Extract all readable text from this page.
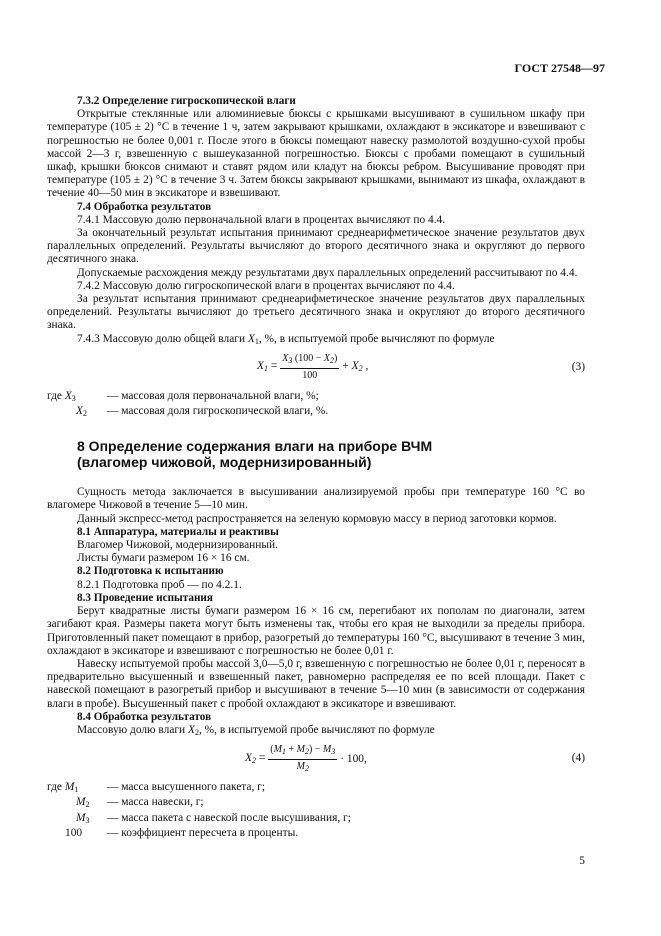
ГОСТ 27548—97
7.3.2 Определение гигроскопической влаги

Открытые стеклянные или алюминиевые бюксы с крышками высушивают в сушильном шкафу при температуре (105 ± 2) °С в течение 1 ч, затем закрывают крышками, охлаждают в эксикаторе и взвешивают с погрешностью не более 0,001 г. После этого в бюксы помещают навеску размолотой воздушно-сухой пробы массой 2—3 г, взвешенную с вышеуказанной погрешностью. Бюксы с пробами помещают в сушильный шкаф, крышки бюксов снимают и ставят рядом или кладут на бюксы ребром. Высушивание проводят при температуре (105 ± 2) °С в течение 3 ч. Затем бюксы закрывают крышками, вынимают из шкафа, охлаждают в течение 40—50 мин в эксикаторе и взвешивают.

7.4 Обработка результатов

7.4.1 Массовую долю первоначальной влаги в процентах вычисляют по 4.4.

За окончательный результат испытания принимают среднеарифметическое значение результатов двух параллельных определений. Результаты вычисляют до второго десятичного знака и округляют до первого десятичного знака.

Допускаемые расхождения между результатами двух параллельных определений рассчитывают по 4.4.

7.4.2 Массовую долю гигроскопической влаги в процентах вычисляют по 4.4.

За результат испытания принимают среднеарифметическое значение результатов двух параллельных определений. Результаты вычисляют до третьего десятичного знака и округляют до второго десятичного знака.

7.4.3 Массовую долю общей влаги $X_1$, %, в испытуемой пробе вычисляют по формуле

$X_1 = \frac{X_3 (100 - X_2)}{100} + X_2$ ,	(3)
где $X_3$	— массовая доля первоначальной влаги, %;
$X_2$	— массовая доля гигроскопической влаги, %.
8 Определение содержания влаги на приборе ВЧМ
(влагомер чижовой, модернизированный)

Сущность метода заключается в высушивании анализируемой пробы при температуре 160 °С во влагомере Чижовой в течение 5—10 мин.

Данный экспресс-метод распространяется на зеленую кормовую массу в период заготовки кормов.

8.1 Аппаратура, материалы и реактивы

Влагомер Чижовой, модернизированный.

Листы бумаги размером 16 × 16 см.

8.2 Подготовка к испытанию

8.2.1 Подготовка проб — по 4.2.1.

8.3 Проведение испытания

Берут квадратные листы бумаги размером 16 × 16 см, перегибают их пополам по диагонали, затем загибают края. Размеры пакета могут быть изменены так, чтобы его края не выходили за пределы прибора. Приготовленный пакет помещают в прибор, разогретый до температуры 160 °С, высушивают в течение 3 мин, охлаждают в эксикаторе и взвешивают с погрешностью не более 0,01 г.

Навеску испытуемой пробы массой 3,0—5,0 г, взвешенную с погрешностью не более 0,01 г, переносят в предварительно высушенный и взвешенный пакет, равномерно распределяя ее по всей площади. Пакет с навеской помещают в разогретый прибор и высушивают в течение 5—10 мин (в зависимости от содержания влаги в пробе). Высушенный пакет с пробой охлаждают в эксикаторе и взвешивают.

8.4 Обработка результатов

Массовую долю влаги $X_2$, %, в испытуемой пробе вычисляют по формуле

$X_2 = \frac{(M_1 + M_2) - M_3}{M_2} \cdot 100$,	(4)
где $M_1$	— масса высушенного пакета, г;
$M_2$	— масса навески, г;
$M_3$	— масса пакета с навеской после высушивания, г;
100	— коэффициент пересчета в проценты.
5
